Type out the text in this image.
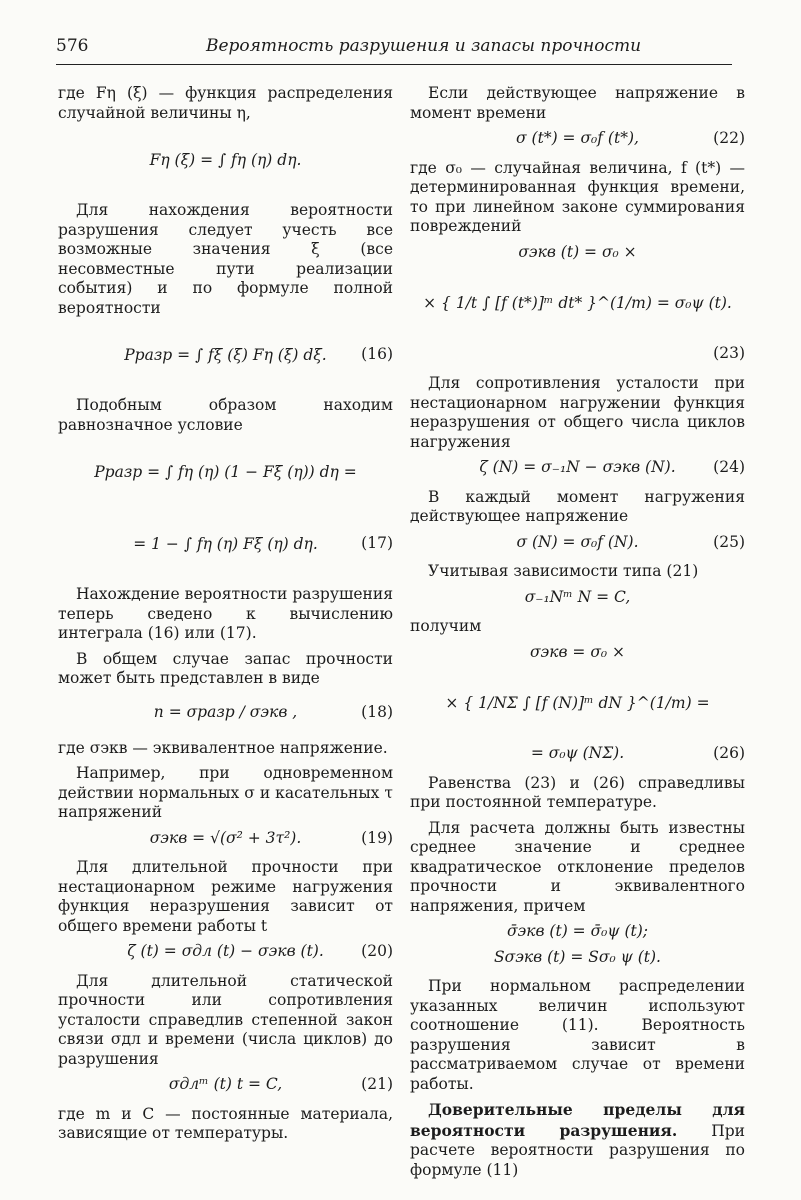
576	Вероятность разрушения и запасы прочности

где Fη (ξ) — функция распределения случайной величины η,

Fη (ξ) = ∫ fη (η) dη.

Для нахождения вероятности разрушения следует учесть все возможные значения ξ (все несовместные пути реализации события) и по формуле полной вероятности

Pразр = ∫ fξ (ξ) Fη (ξ) dξ. (16)

Подобным образом находим равнозначное условие

Pразр = ∫ fη (η) (1 − Fξ (η)) dη =
= 1 − ∫ fη (η) Fξ (η) dη.	(17)

Нахождение вероятности разрушения теперь сведено к вычислению интеграла (16) или (17).

В общем случае запас прочности может быть представлен в виде

n = σразр / σэкв ,	(18)

где σэкв — эквивалентное напряжение.

Например, при одновременном действии нормальных σ и касательных τ напряжений

σэкв = √(σ² + 3τ²).	(19)

Для длительной прочности при нестационарном режиме нагружения функция неразрушения зависит от общего времени работы t

ζ (t) = σдл (t) − σэкв (t). (20)

Для длительной статической прочности или сопротивления усталости справедлив степенной закон связи σдл и времени (числа циклов) до разрушения

σдлᵐ (t) t = C,	(21)

где m и C — постоянные материала, зависящие от температуры.

Если действующее напряжение в момент времени

σ (t*) = σ₀f (t*),	(22)

где σ₀ — случайная величина, f (t*) — детерминированная функция времени, то при линейном законе суммирования повреждений

σэкв (t) = σ₀ ×
× { 1/t ∫ [f (t*)]ᵐ dt* }^(1/m) = σ₀ψ (t).
(23)

Для сопротивления усталости при нестационарном нагружении функция неразрушения от общего числа циклов нагружения

ζ (N) = σ₋₁N − σэкв (N). (24)

В каждый момент нагружения действующее напряжение

σ (N) = σ₀f (N).	(25)

Учитывая зависимости типа (21)

σ₋₁Nᵐ N = C,

получим

σэкв = σ₀ ×
× { 1/NΣ ∫ [f (N)]ᵐ dN }^(1/m) =
= σ₀ψ (NΣ).	(26)

Равенства (23) и (26) справедливы при постоянной температуре.

Для расчета должны быть известны среднее значение и среднее квадратическое отклонение пределов прочности и эквивалентного напряжения, причем

σ̄экв (t) = σ̄₀ψ (t);
Sσэкв (t) = Sσ₀ ψ (t).

При нормальном распределении указанных величин используют соотношение (11). Вероятность разрушения зависит в рассматриваемом случае от времени работы.

Доверительные пределы для вероятности разрушения. При расчете вероятности разрушения по формуле (11)
